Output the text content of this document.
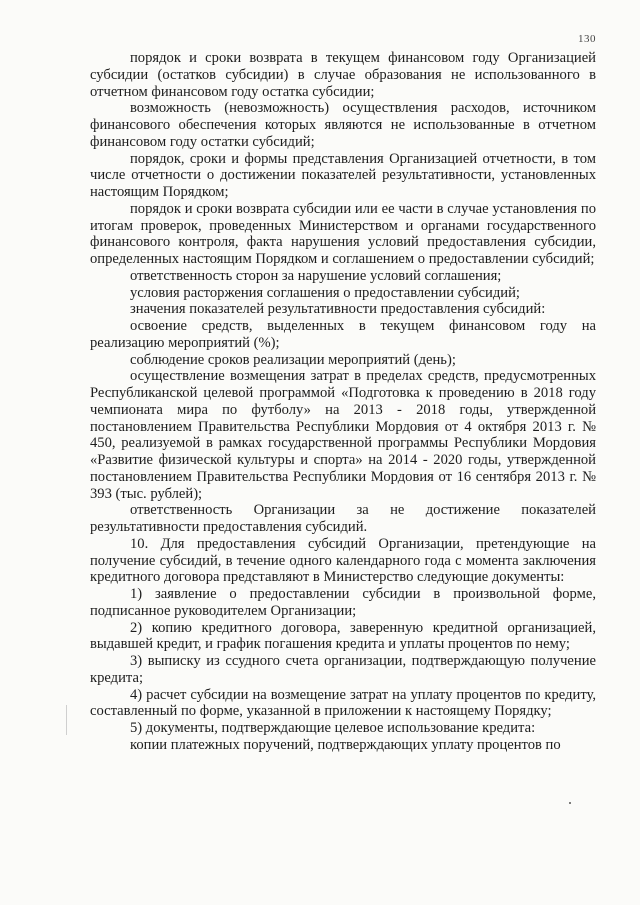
130

порядок и сроки возврата в текущем финансовом году Организацией субсидии (остатков субсидии) в случае образования не использованного в отчетном финансовом году остатка субсидии;

возможность (невозможность) осуществления расходов, источником финансового обеспечения которых являются не использованные в отчетном финансовом году остатки субсидий;

порядок, сроки и формы представления Организацией отчетности, в том числе отчетности о достижении показателей результативности, установленных настоящим Порядком;

порядок и сроки возврата субсидии или ее части в случае установления по итогам проверок, проведенных Министерством и органами государственного финансового контроля, факта нарушения условий предоставления субсидии, определенных настоящим Порядком и соглашением о предоставлении субсидий;

ответственность сторон за нарушение условий соглашения;

условия расторжения соглашения о предоставлении субсидий;

значения показателей результативности предоставления субсидий:

освоение средств, выделенных в текущем финансовом году на реализацию мероприятий (%);

соблюдение сроков реализации мероприятий (день);

осуществление возмещения затрат в пределах средств, предусмотренных Республиканской целевой программой «Подготовка к проведению в 2018 году чемпионата мира по футболу» на 2013 - 2018 годы, утвержденной постановлением Правительства Республики Мордовия от 4 октября 2013 г. № 450, реализуемой в рамках государственной программы Республики Мордовия «Развитие физической культуры и спорта» на 2014 - 2020 годы, утвержденной постановлением Правительства Республики Мордовия от 16 сентября 2013 г. № 393 (тыс. рублей);

ответственность Организации за не достижение показателей результативности предоставления субсидий.

10. Для предоставления субсидий Организации, претендующие на получение субсидий, в течение одного календарного года с момента заключения кредитного договора представляют в Министерство следующие документы:

1) заявление о предоставлении субсидии в произвольной форме, подписанное руководителем Организации;

2) копию кредитного договора, заверенную кредитной организацией, выдавшей кредит, и график погашения кредита и уплаты процентов по нему;

3) выписку из ссудного счета организации, подтверждающую получение кредита;

4) расчет субсидии на возмещение затрат на уплату процентов по кредиту, составленный по форме, указанной в приложении к настоящему Порядку;

5) документы, подтверждающие целевое использование кредита:

копии платежных поручений, подтверждающих уплату процентов по
